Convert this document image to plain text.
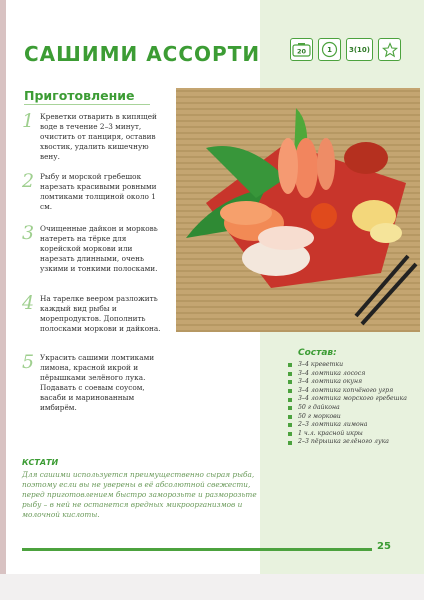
САШИМИ АССОРТИ	20	1 3(10)
Приготовление
1 Креветки отварить в кипящей воде в течение 2–3 минут, очистить от панциря, оставив хвостик, удалить кишечную вену.
2 Рыбу и морской гребешок нарезать красивыми ровными ломтиками толщиной около 1 см.
3 Очищенные дайкон и морковь натереть на тёрке для корейской моркови или нарезать длинными, очень узкими и тонкими полосками.
4 На тарелке веером разложить каждый вид рыбы и морепродуктов. Дополнить полосками моркови и дайкона.
5 Украсить сашими ломтиками лимона, красной икрой и пёрышками зелёного лука. Подавать с соевым соусом, васаби и маринованным имбирём.
Состав:
3–4 креветки
3–4 ломтика лосося
3–4 ломтика окуня
3–4 ломтика копчёного угря
3–4 ломтика морского гребешка
50 г дайкона
50 г моркови
2–3 ломтика лимона
1 ч.л. красной икры
2–3 пёрышка зелёного лука
КСТАТИ
Для сашими используется преимущественно сырая рыба, поэтому если вы не уверены в её абсолютной свежести, перед приготовлением быстро заморозьте и разморозьте рыбу – в ней не останется вредных микроорганизмов и молочной кислоты.
25
